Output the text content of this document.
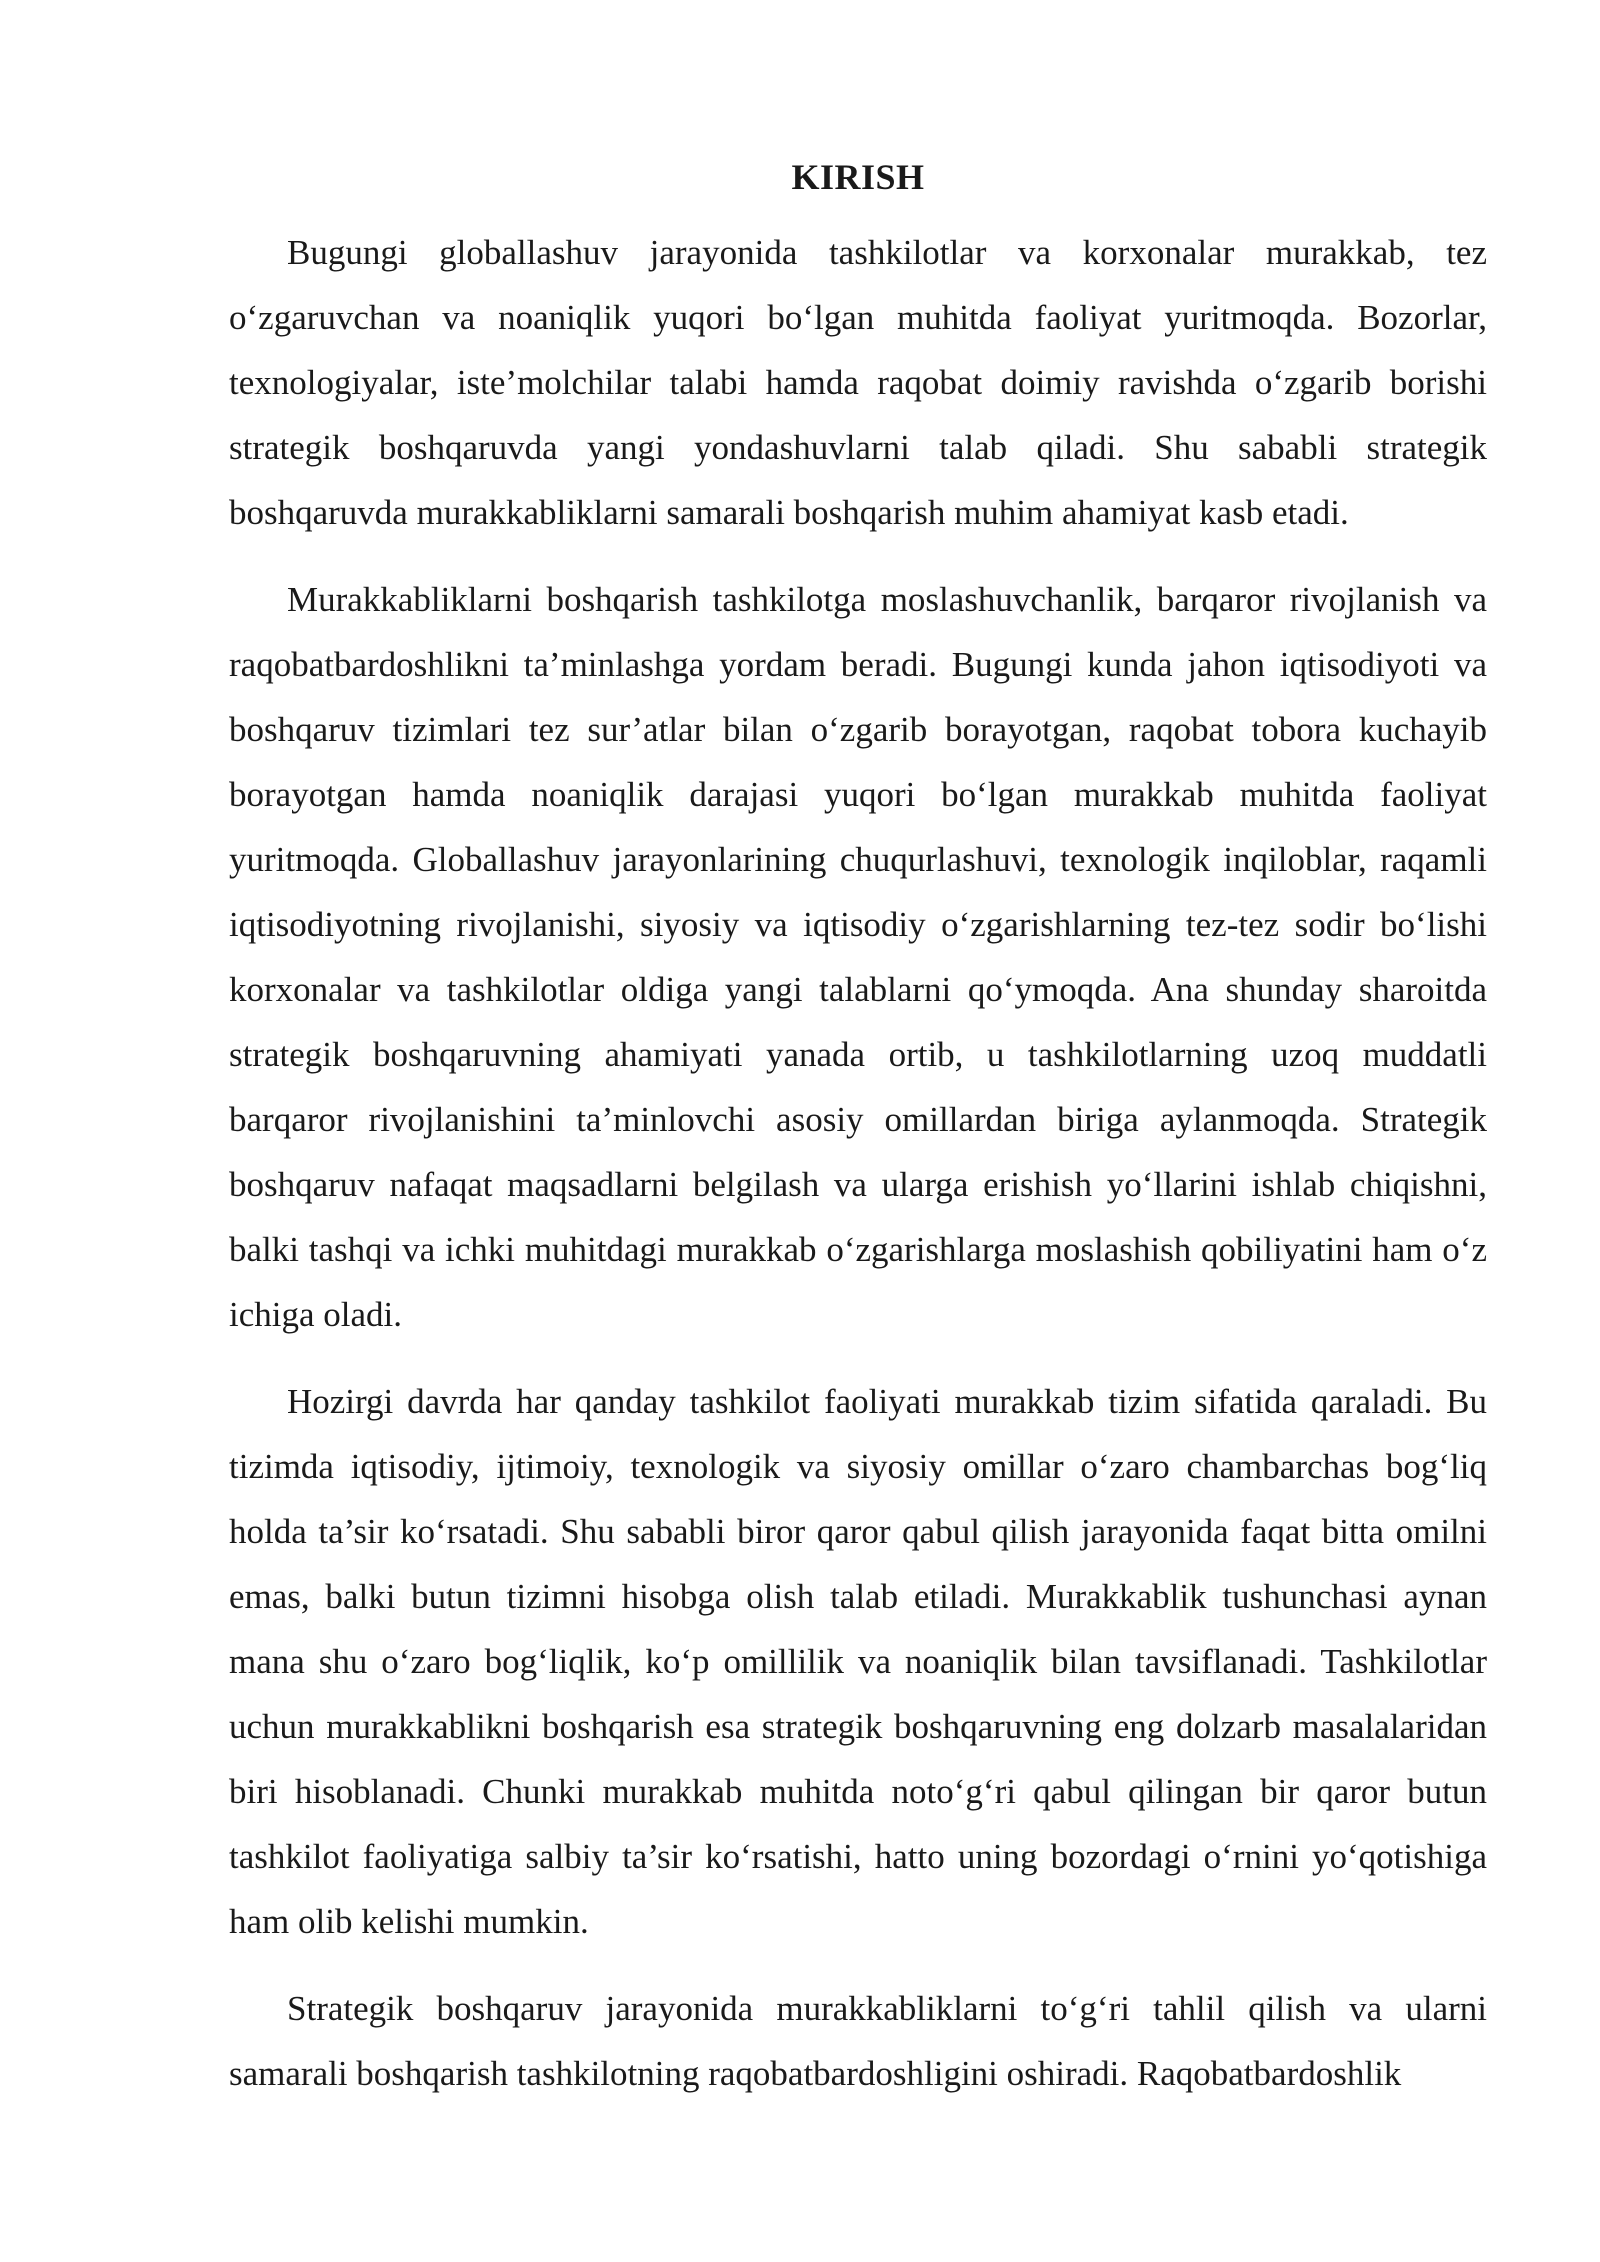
KIRISH

Bugungi globallashuv jarayonida tashkilotlar va korxonalar murakkab, tez o‘zgaruvchan va noaniqlik yuqori bo‘lgan muhitda faoliyat yuritmoqda. Bozorlar, texnologiyalar, iste’molchilar talabi hamda raqobat doimiy ravishda o‘zgarib borishi strategik boshqaruvda yangi yondashuvlarni talab qiladi. Shu sababli strategik boshqaruvda murakkabliklarni samarali boshqarish muhim ahamiyat kasb etadi.

Murakkabliklarni boshqarish tashkilotga moslashuvchanlik, barqaror rivojlanish va raqobatbardoshlikni ta’minlashga yordam beradi. Bugungi kunda jahon iqtisodiyoti va boshqaruv tizimlari tez sur’atlar bilan o‘zgarib borayotgan, raqobat tobora kuchayib borayotgan hamda noaniqlik darajasi yuqori bo‘lgan murakkab muhitda faoliyat yuritmoqda. Globallashuv jarayonlarining chuqurlashuvi, texnologik inqiloblar, raqamli iqtisodiyotning rivojlanishi, siyosiy va iqtisodiy o‘zgarishlarning tez-tez sodir bo‘lishi korxonalar va tashkilotlar oldiga yangi talablarni qo‘ymoqda. Ana shunday sharoitda strategik boshqaruvning ahamiyati yanada ortib, u tashkilotlarning uzoq muddatli barqaror rivojlanishini ta’minlovchi asosiy omillardan biriga aylanmoqda. Strategik boshqaruv nafaqat maqsadlarni belgilash va ularga erishish yo‘llarini ishlab chiqishni, balki tashqi va ichki muhitdagi murakkab o‘zgarishlarga moslashish qobiliyatini ham o‘z ichiga oladi.

Hozirgi davrda har qanday tashkilot faoliyati murakkab tizim sifatida qaraladi. Bu tizimda iqtisodiy, ijtimoiy, texnologik va siyosiy omillar o‘zaro chambarchas bog‘liq holda ta’sir ko‘rsatadi. Shu sababli biror qaror qabul qilish jarayonida faqat bitta omilni emas, balki butun tizimni hisobga olish talab etiladi. Murakkablik tushunchasi aynan mana shu o‘zaro bog‘liqlik, ko‘p omillilik va noaniqlik bilan tavsiflanadi. Tashkilotlar uchun murakkablikni boshqarish esa strategik boshqaruvning eng dolzarb masalalaridan biri hisoblanadi. Chunki murakkab muhitda noto‘g‘ri qabul qilingan bir qaror butun tashkilot faoliyatiga salbiy ta’sir ko‘rsatishi, hatto uning bozordagi o‘rnini yo‘qotishiga ham olib kelishi mumkin.

Strategik boshqaruv jarayonida murakkabliklarni to‘g‘ri tahlil qilish va ularni samarali boshqarish tashkilotning raqobatbardoshligini oshiradi. Raqobatbardoshlik
